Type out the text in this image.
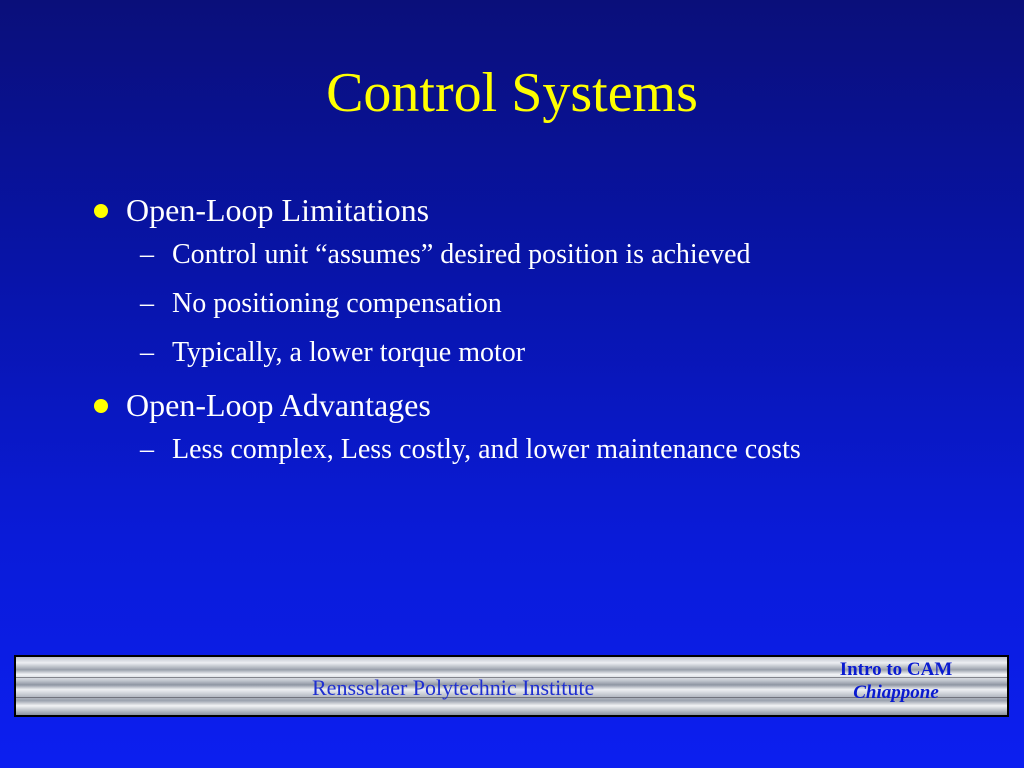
Control Systems
Open-Loop Limitations
– Control unit “assumes” desired position is achieved
– No positioning compensation
– Typically, a lower torque motor
Open-Loop Advantages
– Less complex, Less costly, and lower maintenance costs
Rensselaer Polytechnic Institute
Intro to CAM
Chiappone
